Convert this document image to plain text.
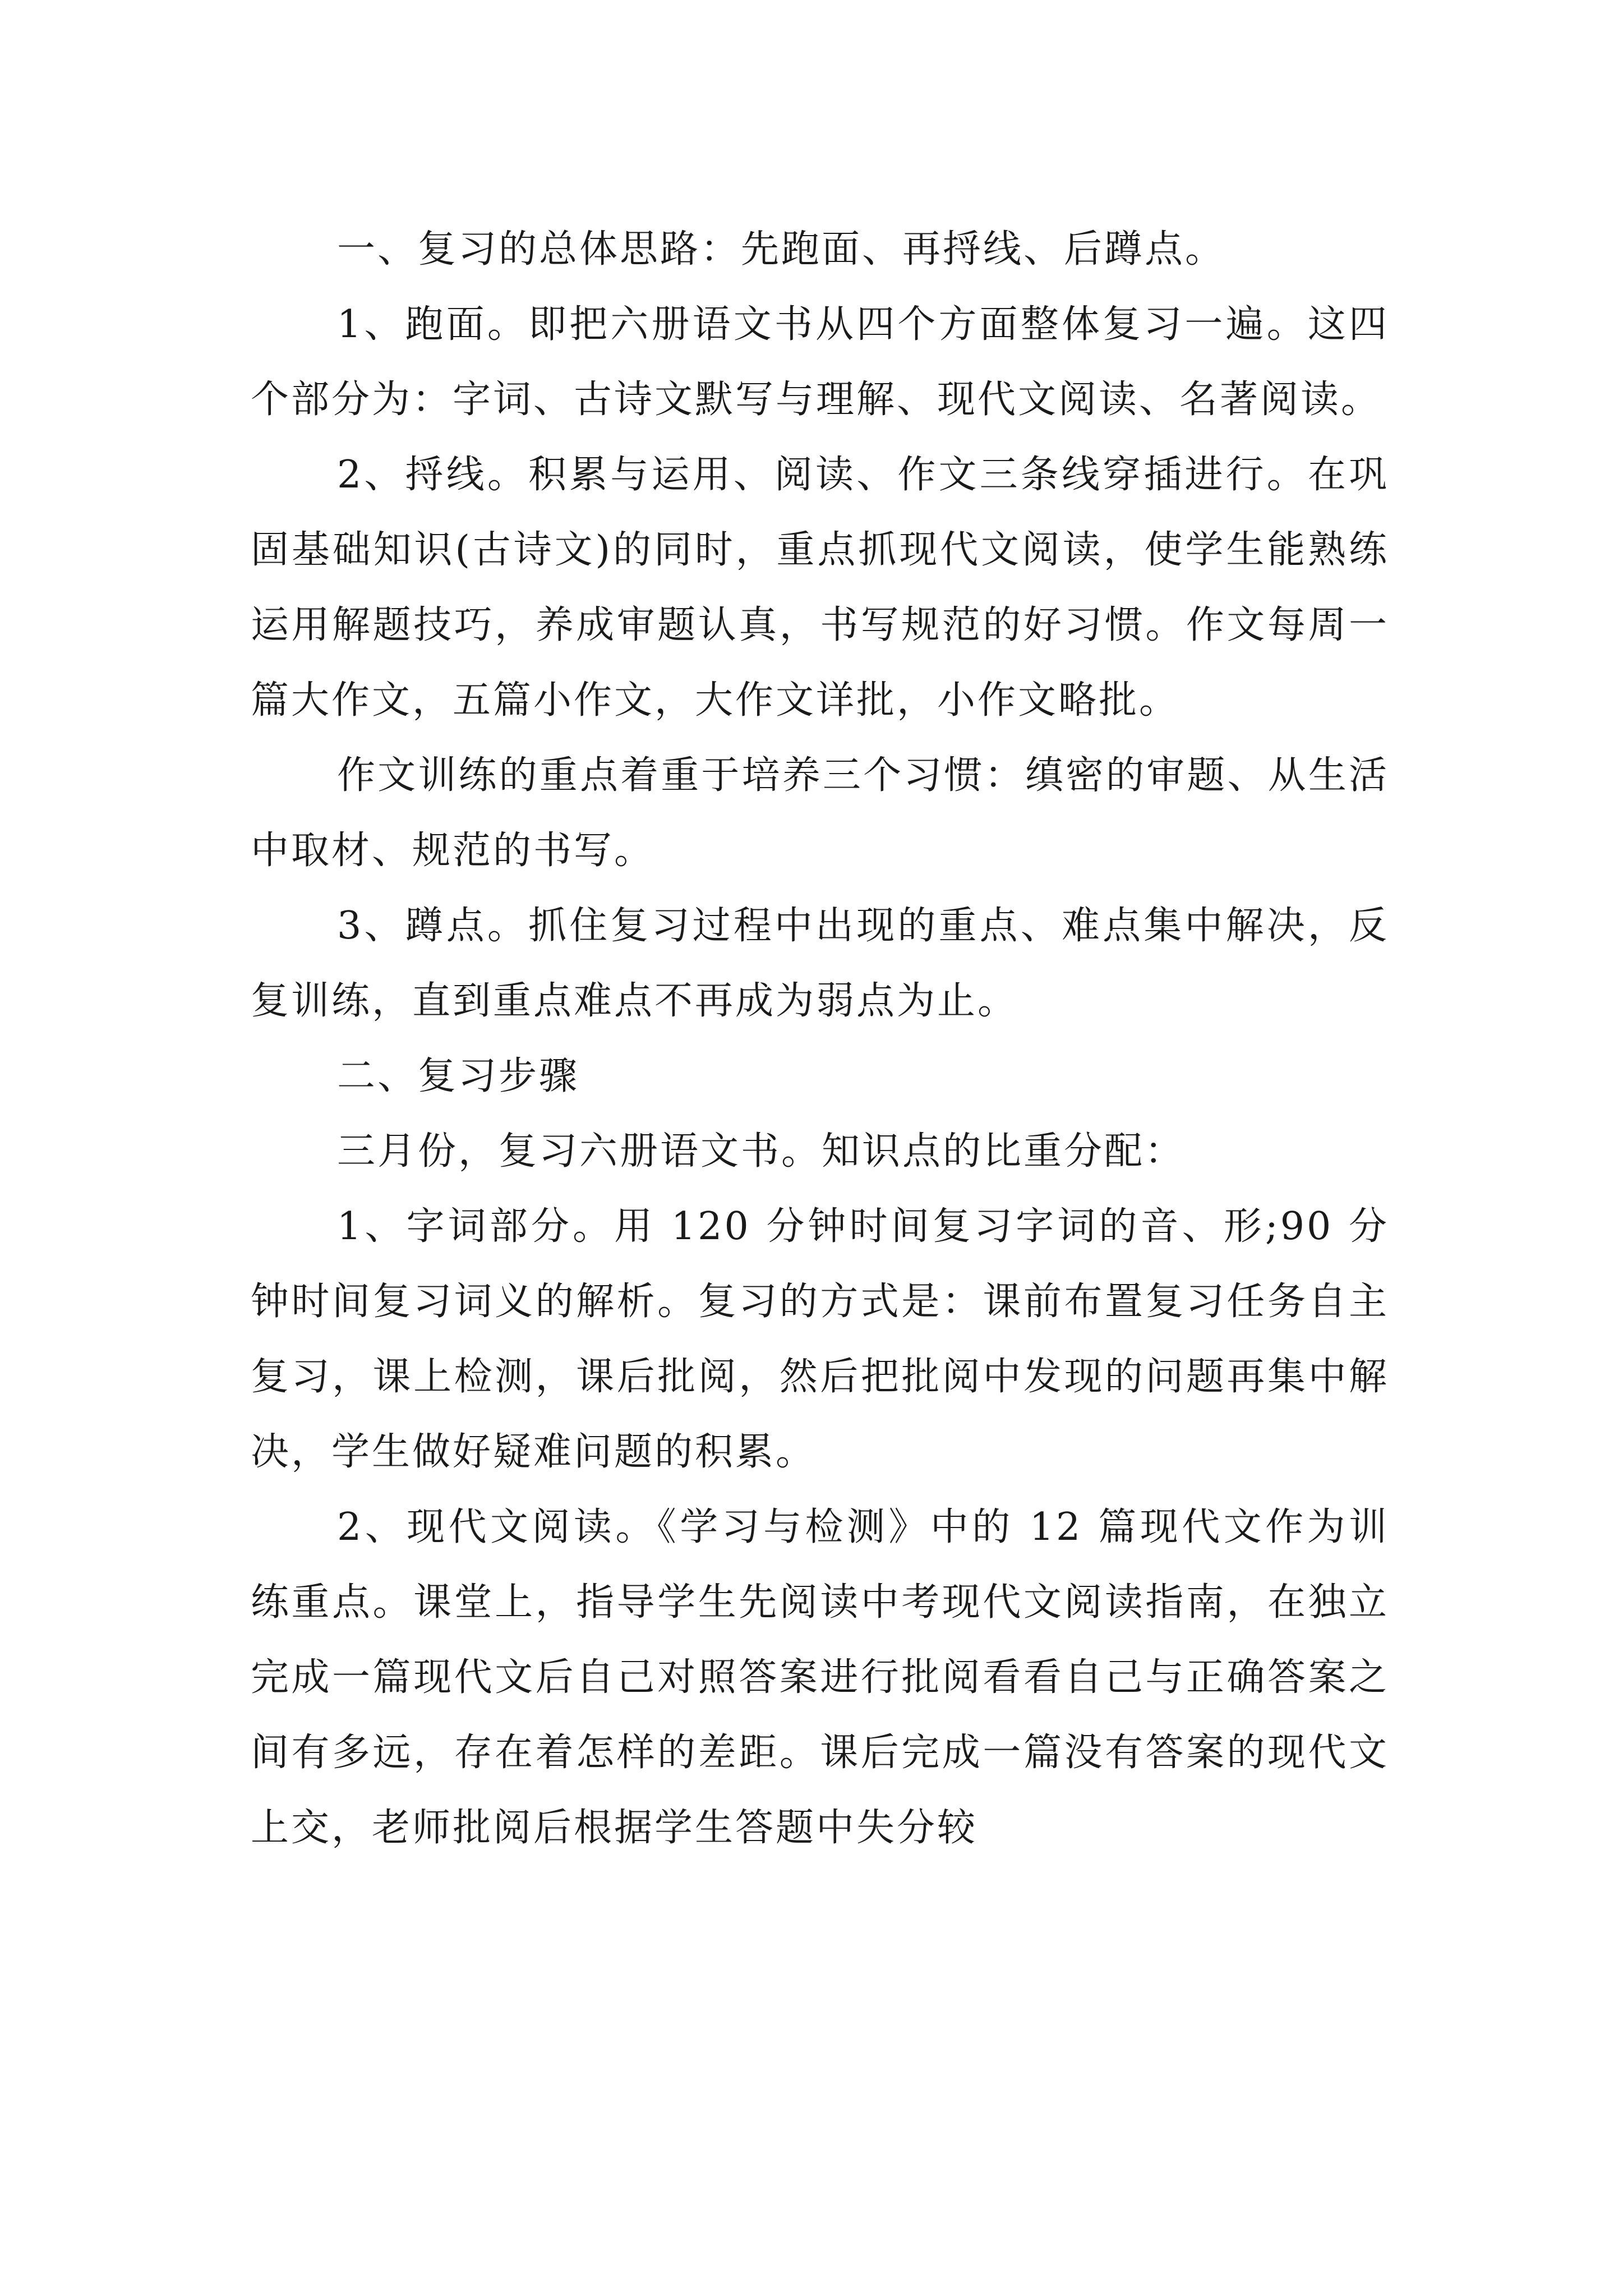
一、复习的总体思路：先跑面、再捋线、后蹲点。

1、跑面。即把六册语文书从四个方面整体复习一遍。这四个部分为：字词、古诗文默写与理解、现代文阅读、名著阅读。

2、捋线。积累与运用、阅读、作文三条线穿插进行。在巩固基础知识(古诗文)的同时，重点抓现代文阅读，使学生能熟练运用解题技巧，养成审题认真，书写规范的好习惯。作文每周一篇大作文，五篇小作文，大作文详批，小作文略批。

作文训练的重点着重于培养三个习惯：缜密的审题、从生活中取材、规范的书写。

3、蹲点。抓住复习过程中出现的重点、难点集中解决，反复训练，直到重点难点不再成为弱点为止。

二、复习步骤

三月份，复习六册语文书。知识点的比重分配：

1、字词部分。用 120 分钟时间复习字词的音、形;90 分钟时间复习词义的解析。复习的方式是：课前布置复习任务自主复习，课上检测，课后批阅，然后把批阅中发现的问题再集中解决，学生做好疑难问题的积累。

2、现代文阅读。《学习与检测》中的 12 篇现代文作为训练重点。课堂上，指导学生先阅读中考现代文阅读指南，在独立完成一篇现代文后自己对照答案进行批阅看看自己与正确答案之间有多远，存在着怎样的差距。课后完成一篇没有答案的现代文上交，老师批阅后根据学生答题中失分较
